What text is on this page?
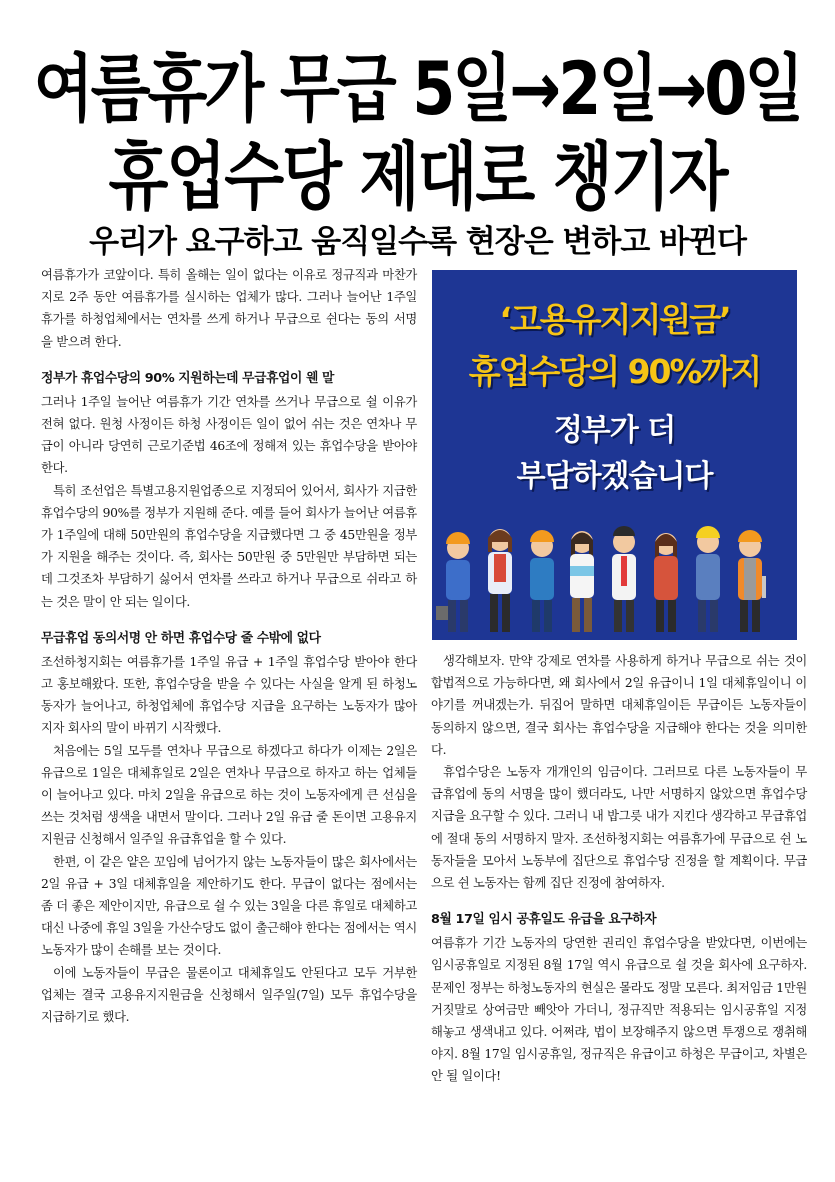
여름휴가 무급 5일→2일→0일
휴업수당 제대로 챙기자
우리가 요구하고 움직일수록 현장은 변하고 바뀐다

여름휴가가 코앞이다. 특히 올해는 일이 없다는 이유로 정규직과 마찬가지로 2주 동안 여름휴가를 실시하는 업체가 많다. 그러나 늘어난 1주일 휴가를 하청업체에서는 연차를 쓰게 하거나 무급으로 쉰다는 동의 서명을 받으려 한다.

정부가 휴업수당의 90% 지원하는데 무급휴업이 웬 말

그러나 1주일 늘어난 여름휴가 기간 연차를 쓰거나 무급으로 쉴 이유가 전혀 없다. 원청 사정이든 하청 사정이든 일이 없어 쉬는 것은 연차나 무급이 아니라 당연히 근로기준법 46조에 정해져 있는 휴업수당을 받아야 한다.

특히 조선업은 특별고용지원업종으로 지정되어 있어서, 회사가 지급한 휴업수당의 90%를 정부가 지원해 준다. 예를 들어 회사가 늘어난 여름휴가 1주일에 대해 50만원의 휴업수당을 지급했다면 그 중 45만원을 정부가 지원을 해주는 것이다. 즉, 회사는 50만원 중 5만원만 부담하면 되는데 그것조차 부담하기 싫어서 연차를 쓰라고 하거나 무급으로 쉬라고 하는 것은 말이 안 되는 일이다.

무급휴업 동의서명 안 하면 휴업수당 줄 수밖에 없다

조선하청지회는 여름휴가를 1주일 유급 + 1주일 휴업수당 받아야 한다고 홍보해왔다. 또한, 휴업수당을 받을 수 있다는 사실을 알게 된 하청노동자가 늘어나고, 하청업체에 휴업수당 지급을 요구하는 노동자가 많아지자 회사의 말이 바뀌기 시작했다.

처음에는 5일 모두를 연차나 무급으로 하겠다고 하다가 이제는 2일은 유급으로 1일은 대체휴일로 2일은 연차나 무급으로 하자고 하는 업체들이 늘어나고 있다. 마치 2일을 유급으로 하는 것이 노동자에게 큰 선심을 쓰는 것처럼 생색을 내면서 말이다. 그러나 2일 유급 줄 돈이면 고용유지지원금 신청해서 일주일 유급휴업을 할 수 있다.

한편, 이 같은 얕은 꼬임에 넘어가지 않는 노동자들이 많은 회사에서는 2일 유급 + 3일 대체휴일을 제안하기도 한다. 무급이 없다는 점에서는 좀 더 좋은 제안이지만, 유급으로 쉴 수 있는 3일을 다른 휴일로 대체하고 대신 나중에 휴일 3일을 가산수당도 없이 출근해야 한다는 점에서는 역시 노동자가 많이 손해를 보는 것이다.

이에 노동자들이 무급은 물론이고 대체휴일도 안된다고 모두 거부한 업체는 결국 고용유지지원금을 신청해서 일주일(7일) 모두 휴업수당을 지급하기로 했다.

‘고용유지지원금’
휴업수당의 90%까지
정부가 더
부담하겠습니다

생각해보자. 만약 강제로 연차를 사용하게 하거나 무급으로 쉬는 것이 합법적으로 가능하다면, 왜 회사에서 2일 유급이니 1일 대체휴일이니 이야기를 꺼내겠는가. 뒤집어 말하면 대체휴일이든 무급이든 노동자들이 동의하지 않으면, 결국 회사는 휴업수당을 지급해야 한다는 것을 의미한다.

휴업수당은 노동자 개개인의 임금이다. 그러므로 다른 노동자들이 무급휴업에 동의 서명을 많이 했더라도, 나만 서명하지 않았으면 휴업수당 지급을 요구할 수 있다. 그러니 내 밥그릇 내가 지킨다 생각하고 무급휴업에 절대 동의 서명하지 말자. 조선하청지회는 여름휴가에 무급으로 쉰 노동자들을 모아서 노동부에 집단으로 휴업수당 진정을 할 계획이다. 무급으로 쉰 노동자는 함께 집단 진정에 참여하자.

8월 17일 임시 공휴일도 유급을 요구하자

여름휴가 기간 노동자의 당연한 권리인 휴업수당을 받았다면, 이번에는 임시공휴일로 지정된 8월 17일 역시 유급으로 쉴 것을 회사에 요구하자. 문제인 정부는 하청노동자의 현실은 몰라도 정말 모른다. 최저임금 1만원 거짓말로 상여금만 빼앗아 가더니, 정규직만 적용되는 임시공휴일 지정해놓고 생색내고 있다. 어쩌랴, 법이 보장해주지 않으면 투쟁으로 쟁취해야지. 8월 17일 임시공휴일, 정규직은 유급이고 하청은 무급이고, 차별은 안 될 일이다!
